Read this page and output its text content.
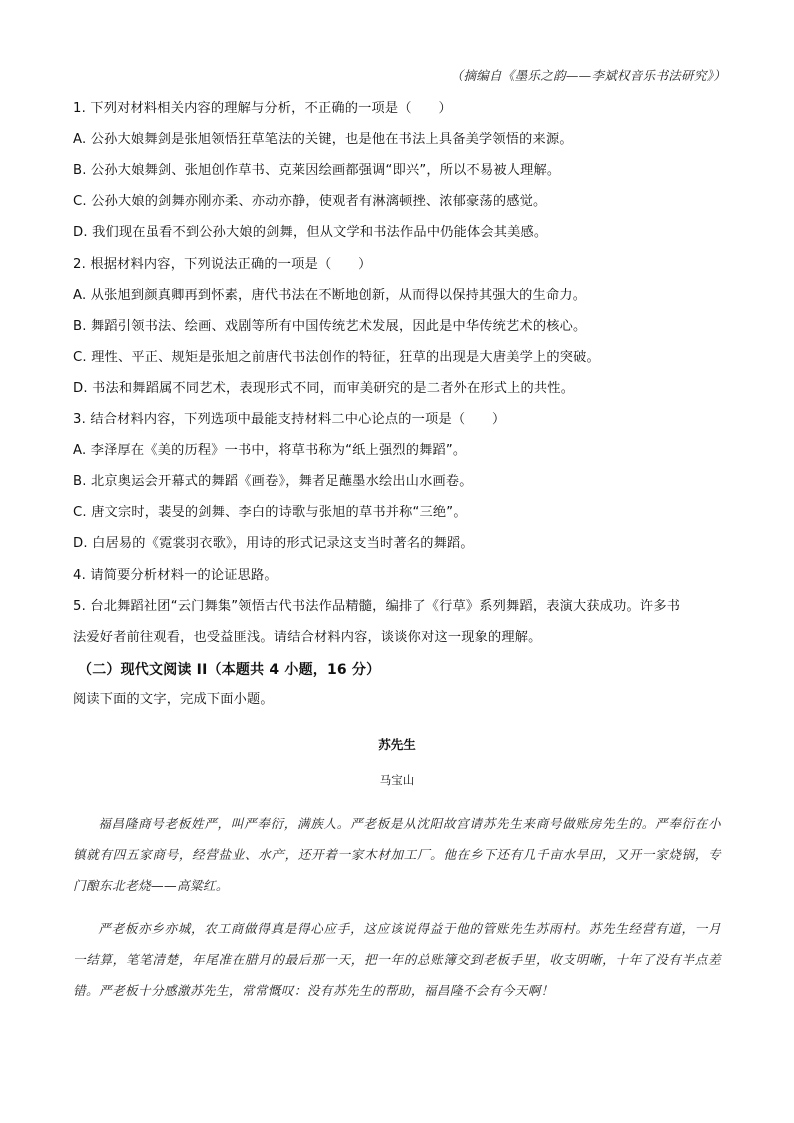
（摘编自《墨乐之韵——李斌权音乐书法研究》）
1. 下列对材料相关内容的理解与分析，不正确的一项是（　　）
A. 公孙大娘舞剑是张旭领悟狂草笔法的关键，也是他在书法上具备美学领悟的来源。
B. 公孙大娘舞剑、张旭创作草书、克莱因绘画都强调“即兴”，所以不易被人理解。
C. 公孙大娘的剑舞亦刚亦柔、亦动亦静，使观者有淋漓顿挫、浓郁豪荡的感觉。
D. 我们现在虽看不到公孙大娘的剑舞，但从文学和书法作品中仍能体会其美感。
2. 根据材料内容，下列说法正确的一项是（　　）
A. 从张旭到颜真卿再到怀素，唐代书法在不断地创新，从而得以保持其强大的生命力。
B. 舞蹈引领书法、绘画、戏剧等所有中国传统艺术发展，因此是中华传统艺术的核心。
C. 理性、平正、规矩是张旭之前唐代书法创作的特征，狂草的出现是大唐美学上的突破。
D. 书法和舞蹈属不同艺术，表现形式不同，而审美研究的是二者外在形式上的共性。
3. 结合材料内容，下列选项中最能支持材料二中心论点的一项是（　　）
A. 李泽厚在《美的历程》一书中，将草书称为“纸上强烈的舞蹈”。
B. 北京奥运会开幕式的舞蹈《画卷》，舞者足蘸墨水绘出山水画卷。
C. 唐文宗时，裴旻的剑舞、李白的诗歌与张旭的草书并称“三绝”。
D. 白居易的《霓裳羽衣歌》，用诗的形式记录这支当时著名的舞蹈。
4. 请简要分析材料一的论证思路。
5. 台北舞蹈社团“云门舞集”领悟古代书法作品精髓，编排了《行草》系列舞蹈，表演大获成功。许多书
法爱好者前往观看，也受益匪浅。请结合材料内容，谈谈你对这一现象的理解。
（二）现代文阅读 II（本题共 4 小题，16 分）
阅读下面的文字，完成下面小题。
苏先生
马宝山
福昌隆商号老板姓严，叫严奉衍，满族人。严老板是从沈阳故宫请苏先生来商号做账房先生的。严奉衍在小镇就有四五家商号，经营盐业、水产，还开着一家木材加工厂。他在乡下还有几千亩水旱田，又开一家烧锅，专门酿东北老烧——高粱红。
严老板亦乡亦城，农工商做得真是得心应手，这应该说得益于他的管账先生苏雨村。苏先生经营有道，一月一结算，笔笔清楚，年尾准在腊月的最后那一天，把一年的总账簿交到老板手里，收支明晰，十年了没有半点差错。严老板十分感激苏先生，常常慨叹：没有苏先生的帮助，福昌隆不会有今天啊！
